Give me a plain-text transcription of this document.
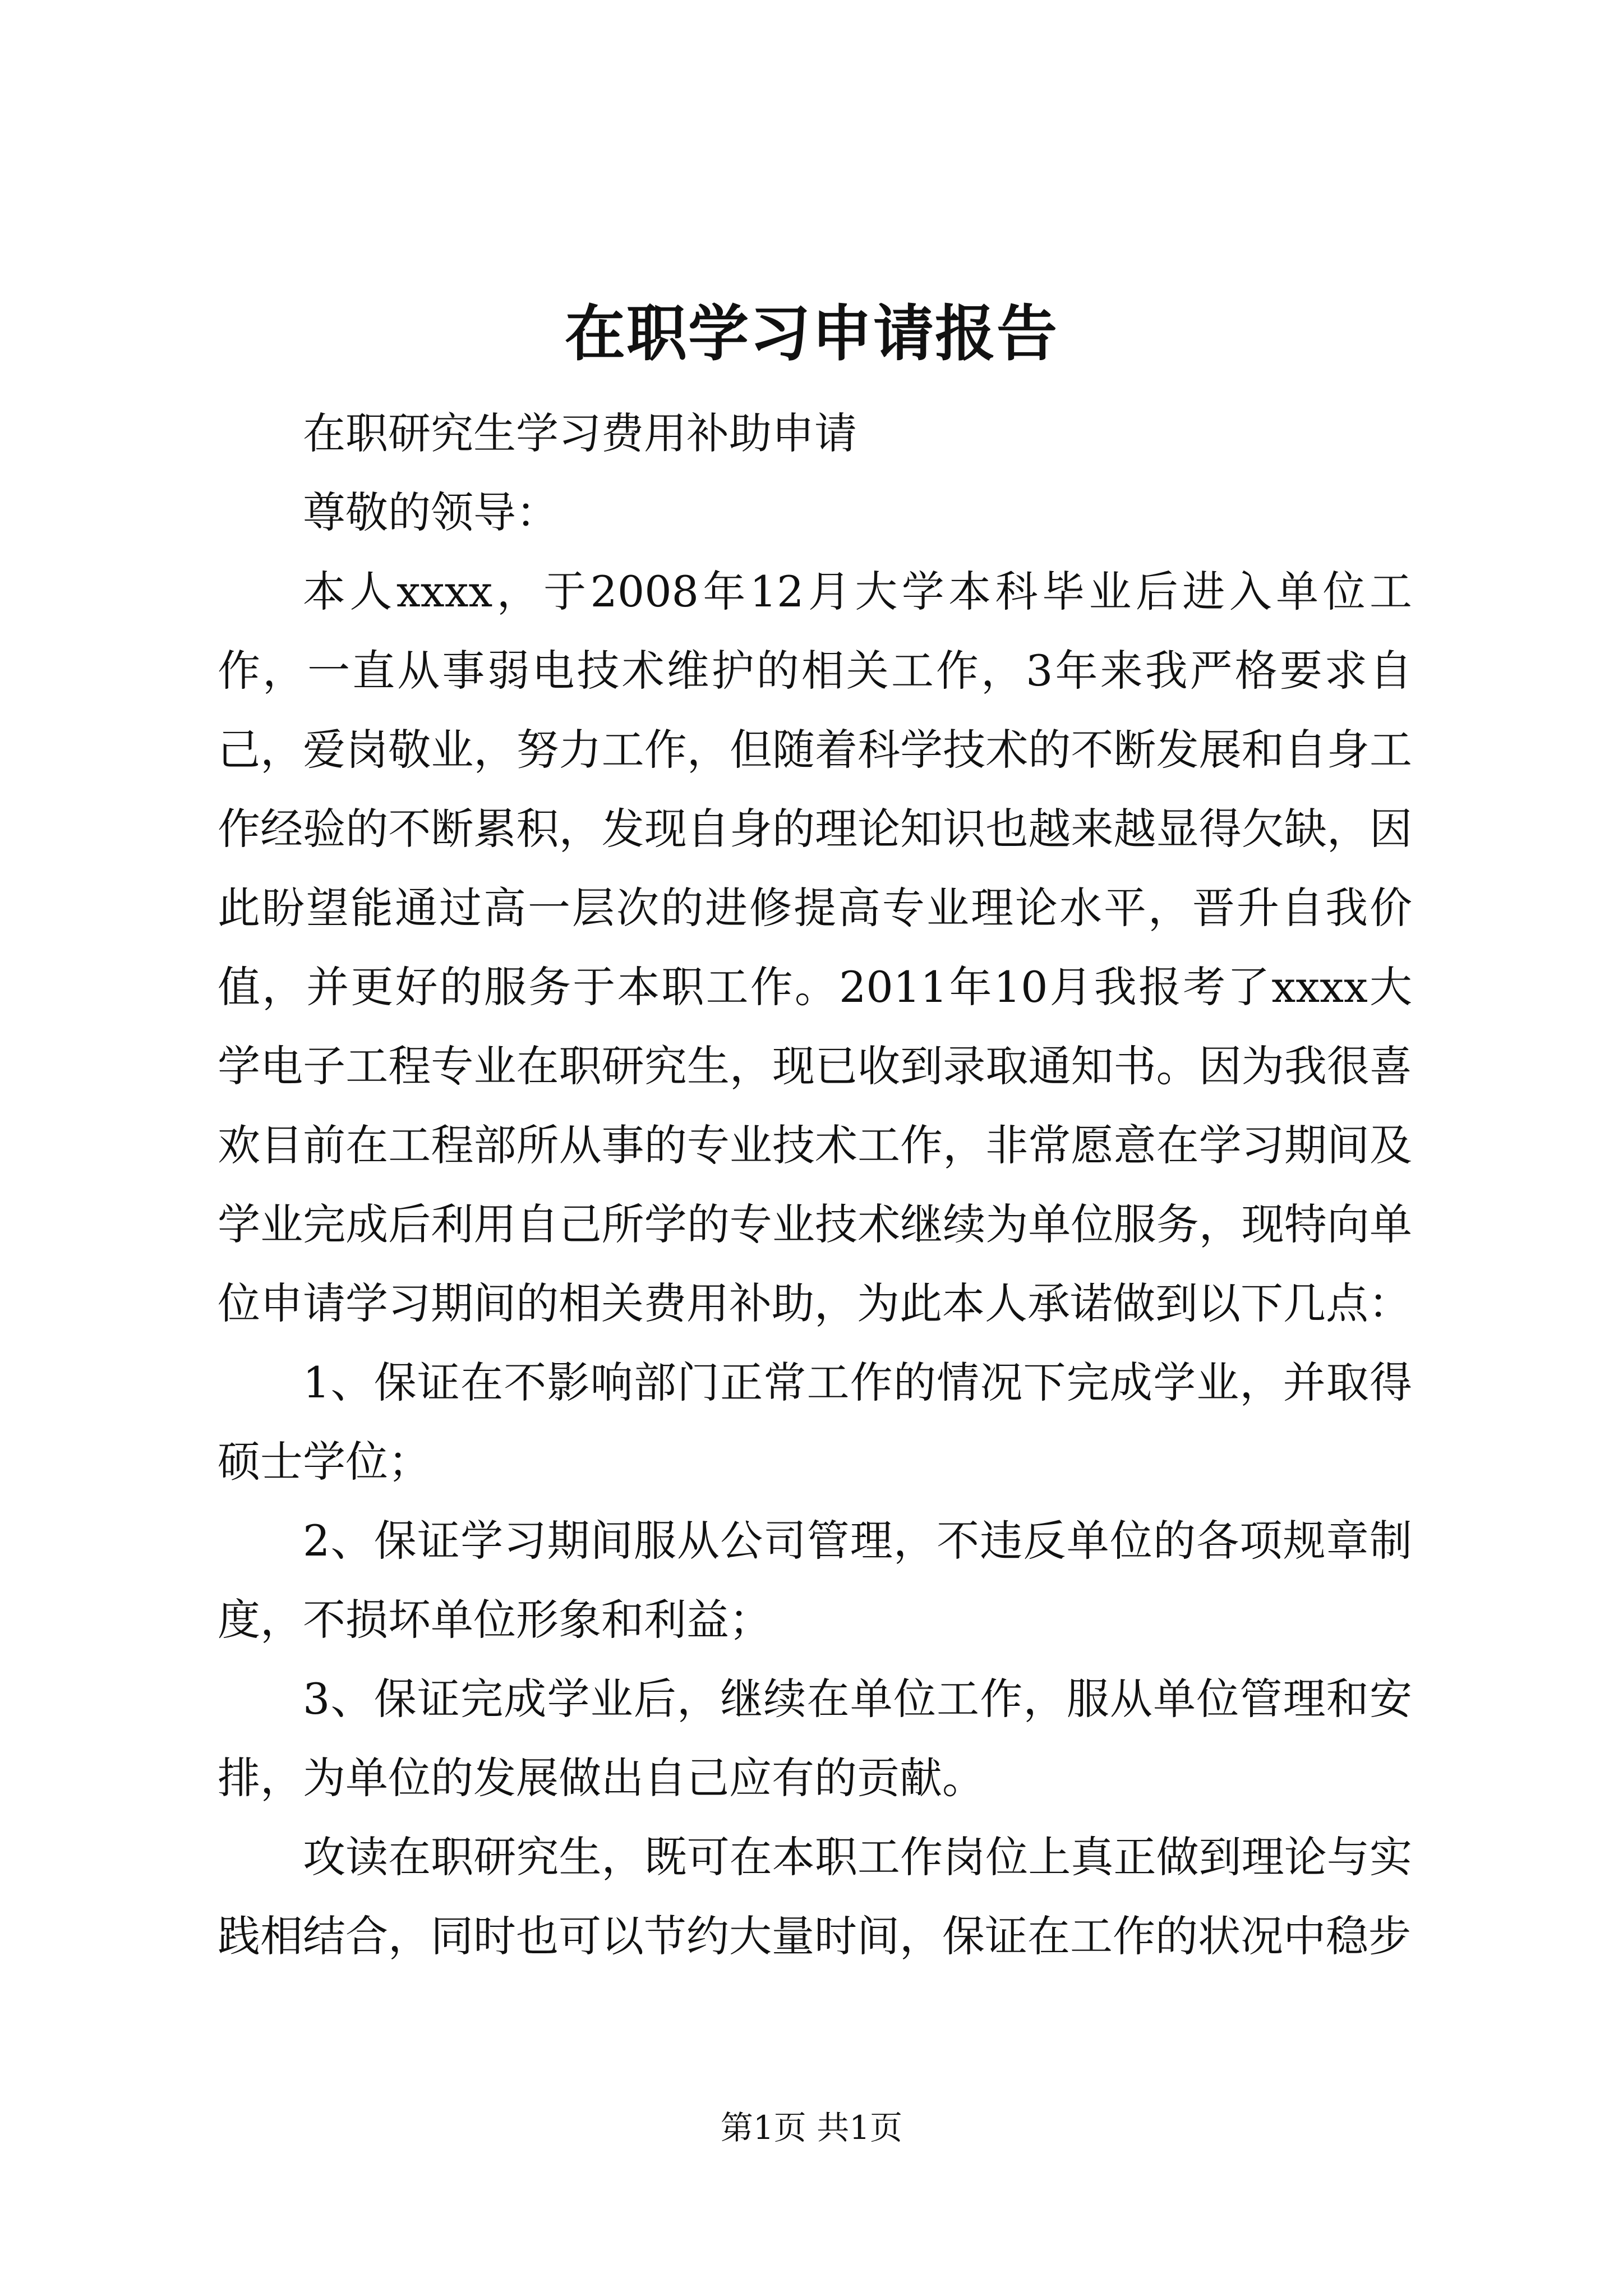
在职学习申请报告

在职研究生学习费用补助申请

尊敬的领导：

本人xxxx，于2008年12月大学本科毕业后进入单位工作，一直从事弱电技术维护的相关工作，3年来我严格要求自己，爱岗敬业，努力工作，但随着科学技术的不断发展和自身工作经验的不断累积，发现自身的理论知识也越来越显得欠缺，因此盼望能通过高一层次的进修提高专业理论水平，晋升自我价值，并更好的服务于本职工作。2011年10月我报考了xxxx大学电子工程专业在职研究生，现已收到录取通知书。因为我很喜欢目前在工程部所从事的专业技术工作，非常愿意在学习期间及学业完成后利用自己所学的专业技术继续为单位服务，现特向单位申请学习期间的相关费用补助，为此本人承诺做到以下几点：

1、保证在不影响部门正常工作的情况下完成学业，并取得硕士学位；

2、保证学习期间服从公司管理，不违反单位的各项规章制度，不损坏单位形象和利益；

3、保证完成学业后，继续在单位工作，服从单位管理和安排，为单位的发展做出自己应有的贡献。

攻读在职研究生，既可在本职工作岗位上真正做到理论与实践相结合，同时也可以节约大量时间，保证在工作的状况中稳步

第1页 共1页
